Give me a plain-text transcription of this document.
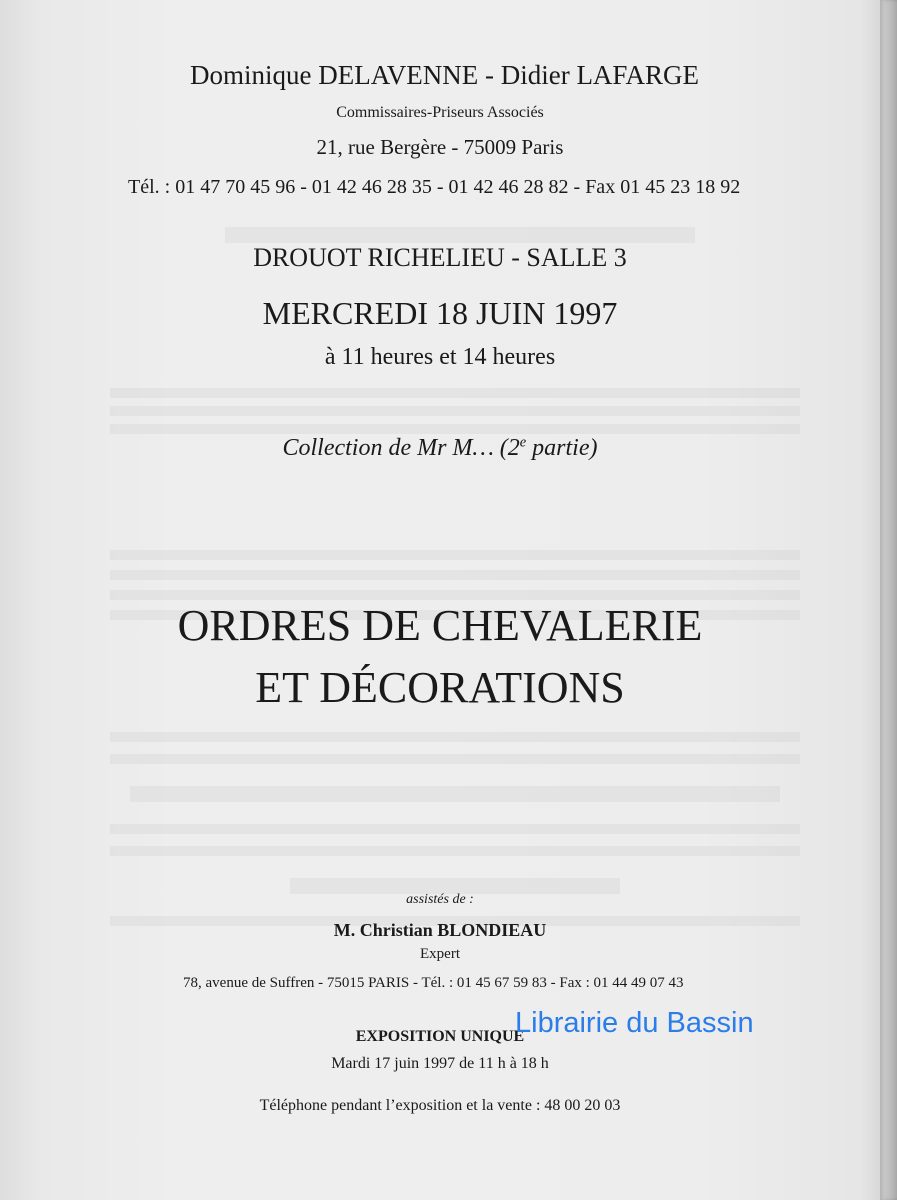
Dominique DELAVENNE - Didier LAFARGE
Commissaires-Priseurs Associés
21, rue Bergère - 75009 Paris
Tél. : 01 47 70 45 96 - 01 42 46 28 35 - 01 42 46 28 82 - Fax 01 45 23 18 92
DROUOT RICHELIEU - SALLE 3
MERCREDI 18 JUIN 1997
à 11 heures et 14 heures
Collection de Mr M… (2e partie)
ORDRES DE CHEVALERIE
ET DÉCORATIONS
assistés de :
M. Christian BLONDIEAU
Expert
78, avenue de Suffren - 75015 PARIS - Tél. : 01 45 67 59 83 - Fax : 01 44 49 07 43
EXPOSITION UNIQUE
Mardi 17 juin 1997 de 11 h à 18 h
Téléphone pendant l’exposition et la vente : 48 00 20 03
Librairie du Bassin
